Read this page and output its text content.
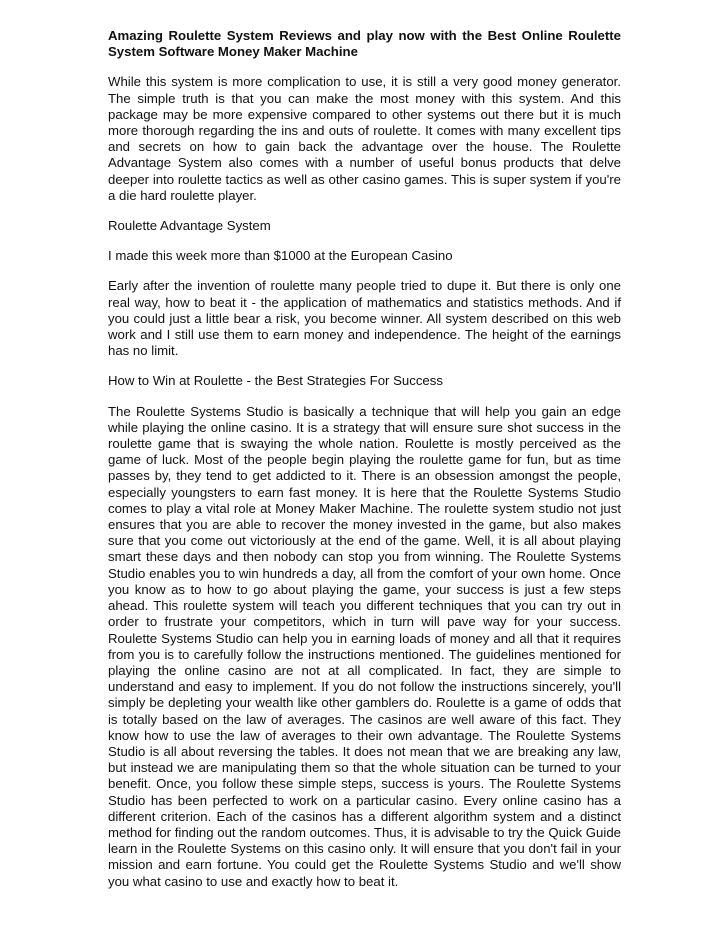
Amazing Roulette System Reviews and play now with the Best Online Roulette System Software Money Maker Machine
While this system is more complication to use, it is still a very good money generator. The simple truth is that you can make the most money with this system. And this package may be more expensive compared to other systems out there but it is much more thorough regarding the ins and outs of roulette. It comes with many excellent tips and secrets on how to gain back the advantage over the house. The Roulette Advantage System also comes with a number of useful bonus products that delve deeper into roulette tactics as well as other casino games. This is super system if you're a die hard roulette player.
Roulette Advantage System
I made this week more than $1000 at the European Casino
Early after the invention of roulette many people tried to dupe it. But there is only one real way, how to beat it - the application of mathematics and statistics methods. And if you could just a little bear a risk, you become winner. All system described on this web work and I still use them to earn money and independence. The height of the earnings has no limit.
How to Win at Roulette - the Best Strategies For Success
The Roulette Systems Studio is basically a technique that will help you gain an edge while playing the online casino. It is a strategy that will ensure sure shot success in the roulette game that is swaying the whole nation. Roulette is mostly perceived as the game of luck. Most of the people begin playing the roulette game for fun, but as time passes by, they tend to get addicted to it. There is an obsession amongst the people, especially youngsters to earn fast money. It is here that the Roulette Systems Studio comes to play a vital role at Money Maker Machine. The roulette system studio not just ensures that you are able to recover the money invested in the game, but also makes sure that you come out victoriously at the end of the game. Well, it is all about playing smart these days and then nobody can stop you from winning. The Roulette Systems Studio enables you to win hundreds a day, all from the comfort of your own home. Once you know as to how to go about playing the game, your success is just a few steps ahead. This roulette system will teach you different techniques that you can try out in order to frustrate your competitors, which in turn will pave way for your success. Roulette Systems Studio can help you in earning loads of money and all that it requires from you is to carefully follow the instructions mentioned. The guidelines mentioned for playing the online casino are not at all complicated. In fact, they are simple to understand and easy to implement. If you do not follow the instructions sincerely, you'll simply be depleting your wealth like other gamblers do. Roulette is a game of odds that is totally based on the law of averages. The casinos are well aware of this fact. They know how to use the law of averages to their own advantage. The Roulette Systems Studio is all about reversing the tables. It does not mean that we are breaking any law, but instead we are manipulating them so that the whole situation can be turned to your benefit. Once, you follow these simple steps, success is yours. The Roulette Systems Studio has been perfected to work on a particular casino. Every online casino has a different criterion. Each of the casinos has a different algorithm system and a distinct method for finding out the random outcomes. Thus, it is advisable to try the Quick Guide learn in the Roulette Systems on this casino only. It will ensure that you don't fail in your mission and earn fortune. You could get the Roulette Systems Studio and we'll show you what casino to use and exactly how to beat it.
